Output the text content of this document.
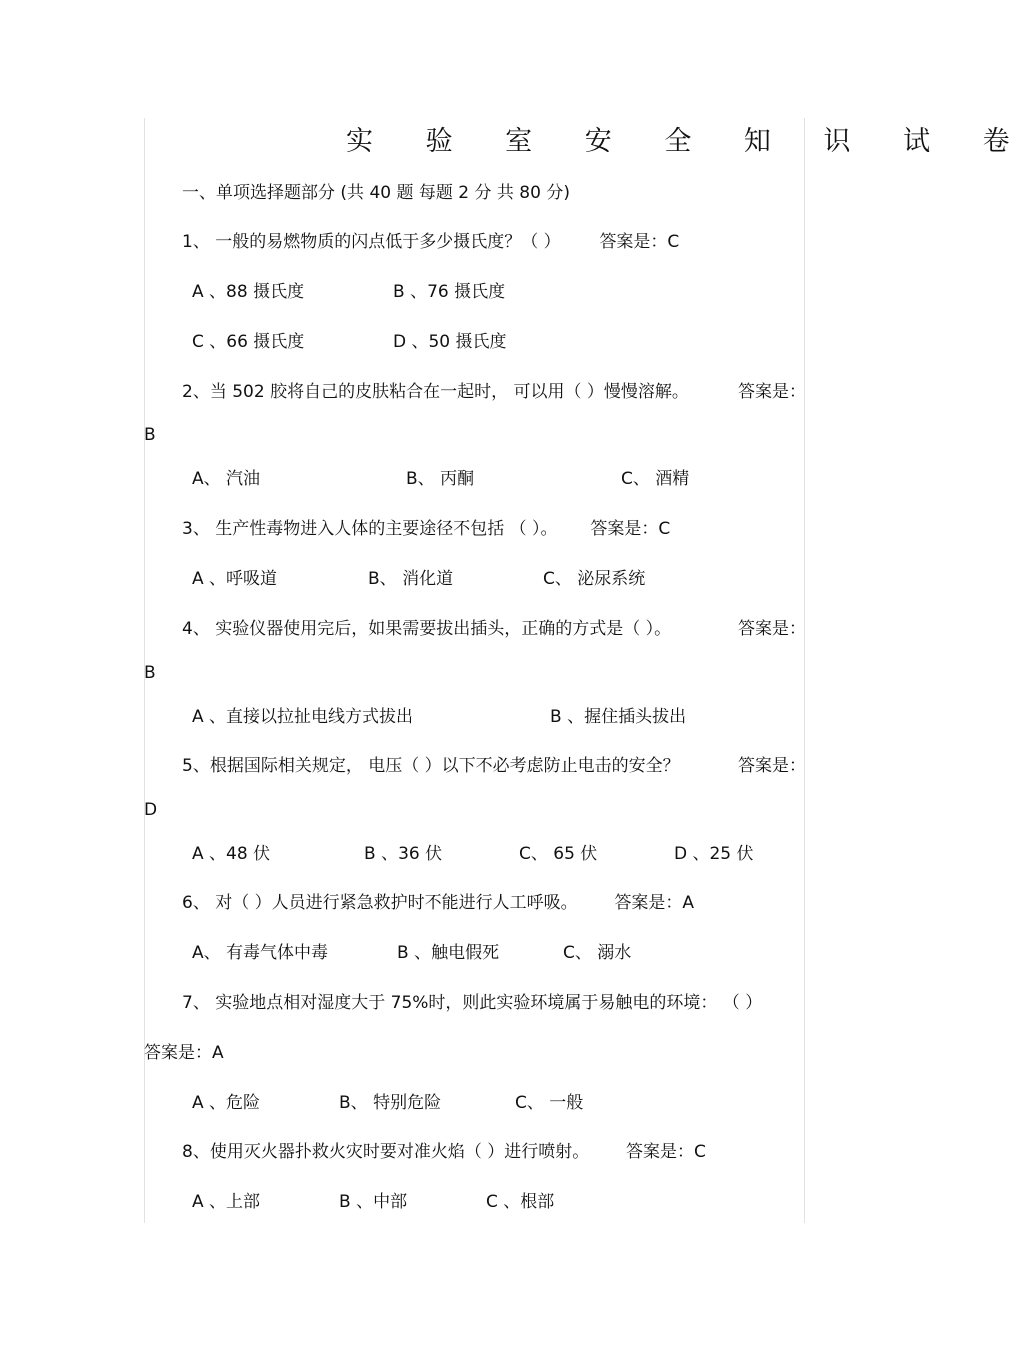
实 验 室 安 全 知 识 试 卷
一、单项选择题部分 (共 40 题 每题 2 分 共 80 分)
1、 一般的易燃物质的闪点低于多少摄氏度？（ ） 答案是：C
A 、88 摄氏度	B 、76 摄氏度
C 、66 摄氏度	D 、50 摄氏度
2、当 502 胶将自己的皮肤粘合在一起时， 可以用（ ）慢慢溶解。	答案是：
B
A、 汽油	B、 丙酮	C、 酒精
3、 生产性毒物进入人体的主要途径不包括 （ ）。 答案是：C
A 、呼吸道	B、 消化道	C、 泌尿系统
4、 实验仪器使用完后，如果需要拔出插头，正确的方式是（ ）。	答案是：
B
A 、直接以拉扯电线方式拔出	B 、握住插头拔出
5、根据国际相关规定， 电压（ ）以下不必考虑防止电击的安全？	答案是：
D
A 、48 伏	B 、36 伏	C、 65 伏	D 、25 伏
6、 对（ ）人员进行紧急救护时不能进行人工呼吸。 答案是：A
A、 有毒气体中毒	B 、触电假死	C、 溺水
7、 实验地点相对湿度大于 75%时，则此实验环境属于易触电的环境： （ ）
答案是：A
A 、危险	B、 特别危险	C、 一般
8、使用灭火器扑救火灾时要对准火焰（ ）进行喷射。 答案是：C
A 、上部	B 、中部	C 、根部
